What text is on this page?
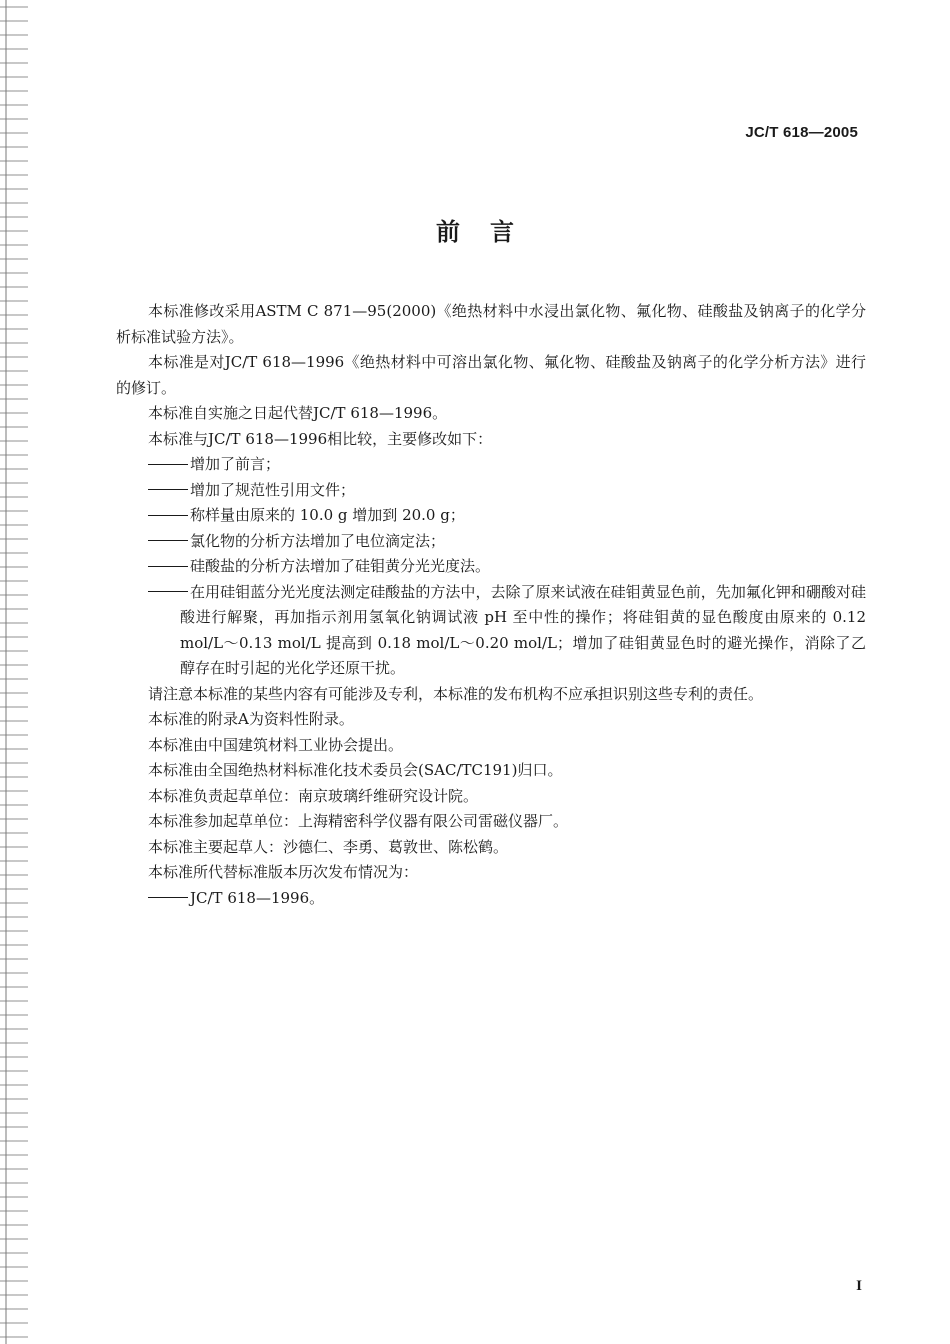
JC/T 618—2005
前言

本标准修改采用ASTM C 871—95(2000)《绝热材料中水浸出氯化物、氟化物、硅酸盐及钠离子的化学分析标准试验方法》。

本标准是对JC/T 618—1996《绝热材料中可溶出氯化物、氟化物、硅酸盐及钠离子的化学分析方法》进行的修订。

本标准自实施之日起代替JC/T 618—1996。

本标准与JC/T 618—1996相比较，主要修改如下：

增加了前言；

增加了规范性引用文件；

称样量由原来的 10.0 g 增加到 20.0 g；

氯化物的分析方法增加了电位滴定法；

硅酸盐的分析方法增加了硅钼黄分光光度法。

在用硅钼蓝分光光度法测定硅酸盐的方法中，去除了原来试液在硅钼黄显色前，先加氟化钾和硼酸对硅酸进行解聚，再加指示剂用氢氧化钠调试液 pH 至中性的操作；将硅钼黄的显色酸度由原来的 0.12 mol/L～0.13 mol/L 提高到 0.18 mol/L～0.20 mol/L；增加了硅钼黄显色时的避光操作，消除了乙醇存在时引起的光化学还原干扰。

请注意本标准的某些内容有可能涉及专利，本标准的发布机构不应承担识别这些专利的责任。

本标准的附录A为资料性附录。

本标准由中国建筑材料工业协会提出。

本标准由全国绝热材料标准化技术委员会(SAC/TC191)归口。

本标准负责起草单位：南京玻璃纤维研究设计院。

本标准参加起草单位：上海精密科学仪器有限公司雷磁仪器厂。

本标准主要起草人：沙德仁、李勇、葛敦世、陈松鹤。

本标准所代替标准版本历次发布情况为：

JC/T 618—1996。

I
